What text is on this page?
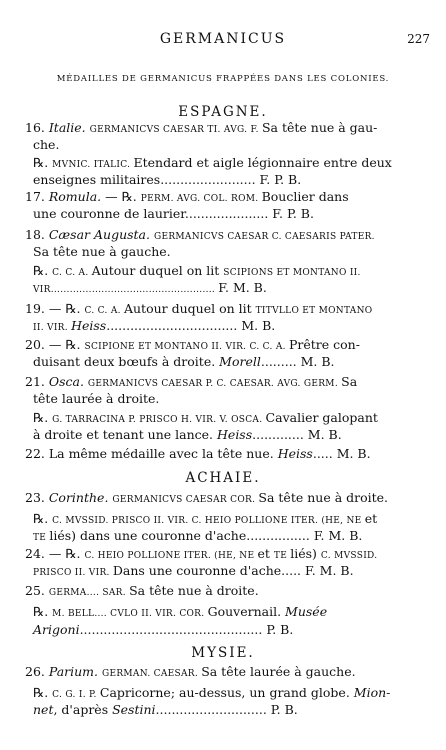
GERMANICUS	227
MÉDAILLES DE GERMANICUS FRAPPÉES DANS LES COLONIES.
ESPAGNE.
ACHAIE.
MYSIE.
16. Italie. GERMANICVS CAESAR TI. AVG. F. Sa tête nue à gau-
che.
℞. MVNIC. ITALIC. Etendard et aigle légionnaire entre deux
enseignes militaires........................ F. P. B.
17. Romula. — ℞. PERM. AVG. COL. ROM. Bouclier dans
une couronne de laurier..................... F. P. B.
18. Cæsar Augusta. GERMANICVS CAESAR C. CAESARIS PATER.
Sa tête nue à gauche.
℞. C. C. A. Autour duquel on lit SCIPIONS ET MONTANO II.
VIR.................................................... F. M. B.
19. — ℞. C. C. A. Autour duquel on lit TITVLLO ET MONTANO
II. VIR. Heiss................................. M. B.
20. — ℞. SCIPIONE ET MONTANO II. VIR. C. C. A. Prêtre con-
duisant deux bœufs à droite. Morell......... M. B.
21. Osca. GERMANICVS CAESAR P. C. CAESAR. AVG. GERM. Sa
tête laurée à droite.
℞. G. TARRACINA P. PRISCO H. VIR. V. OSCA. Cavalier galopant
à droite et tenant une lance. Heiss............. M. B.
22. La même médaille avec la tête nue. Heiss..... M. B.
23. Corinthe. GERMANICVS CAESAR COR. Sa tête nue à droite.
℞. C. MVSSID. PRISCO II. VIR. C. HEIO POLLIONE ITER. (HE, NE et
TE liés) dans une couronne d'ache................ F. M. B.
24. — ℞. C. HEIO POLLIONE ITER. (HE, NE et TE liés) C. MVSSID.
PRISCO II. VIR. Dans une couronne d'ache..... F. M. B.
25. GERMA.... SAR. Sa tête nue à droite.
℞. M. BELL.... CVLO II. VIR. COR. Gouvernail. Musée
Arigoni.............................................. P. B.
26. Parium. GERMAN. CAESAR. Sa tête laurée à gauche.
℞. C. G. I. P. Capricorne; au-dessus, un grand globe. Mion-
net, d'après Sestini............................ P. B.
